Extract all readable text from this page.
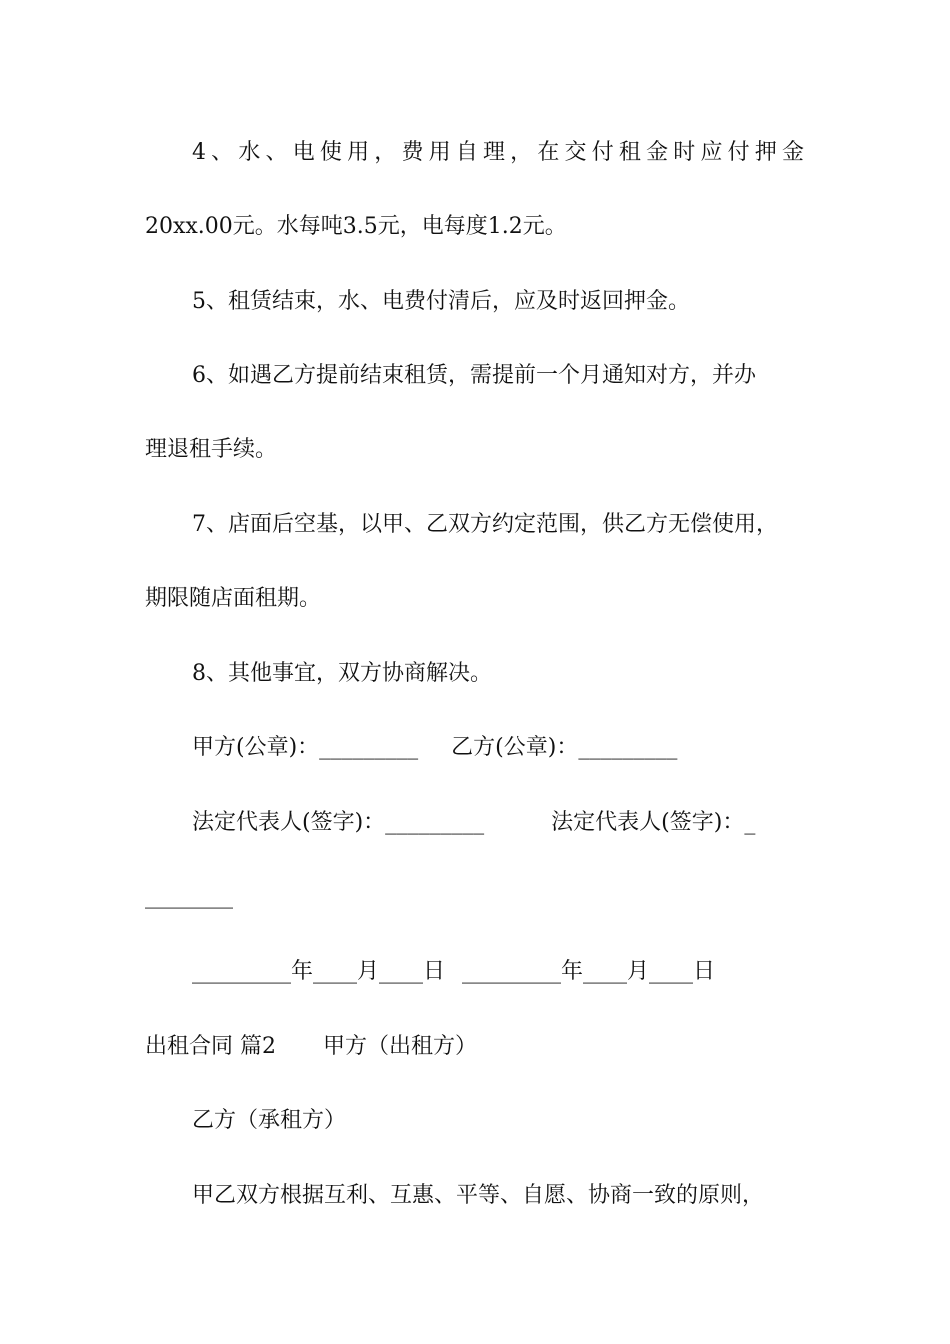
4、水、电使用，费用自理，在交付租金时应付押金
20xx.00元。水每吨3.5元，电每度1.2元。
5、租赁结束，水、电费付清后，应及时返回押金。
6、如遇乙方提前结束租赁，需提前一个月通知对方，并办
理退租手续。
7、店面后空基，以甲、乙双方约定范围，供乙方无偿使用，
期限随店面租期。
8、其他事宜，双方协商解决。
甲方(公章)：_________ 乙方(公章)：_________
法定代表人(签字)：_________	法定代表人(签字)：_
________
_________年____月____日 _________年____月____日
出租合同 篇2 甲方（出租方）
乙方（承租方）
甲乙双方根据互利、互惠、平等、自愿、协商一致的原则，
